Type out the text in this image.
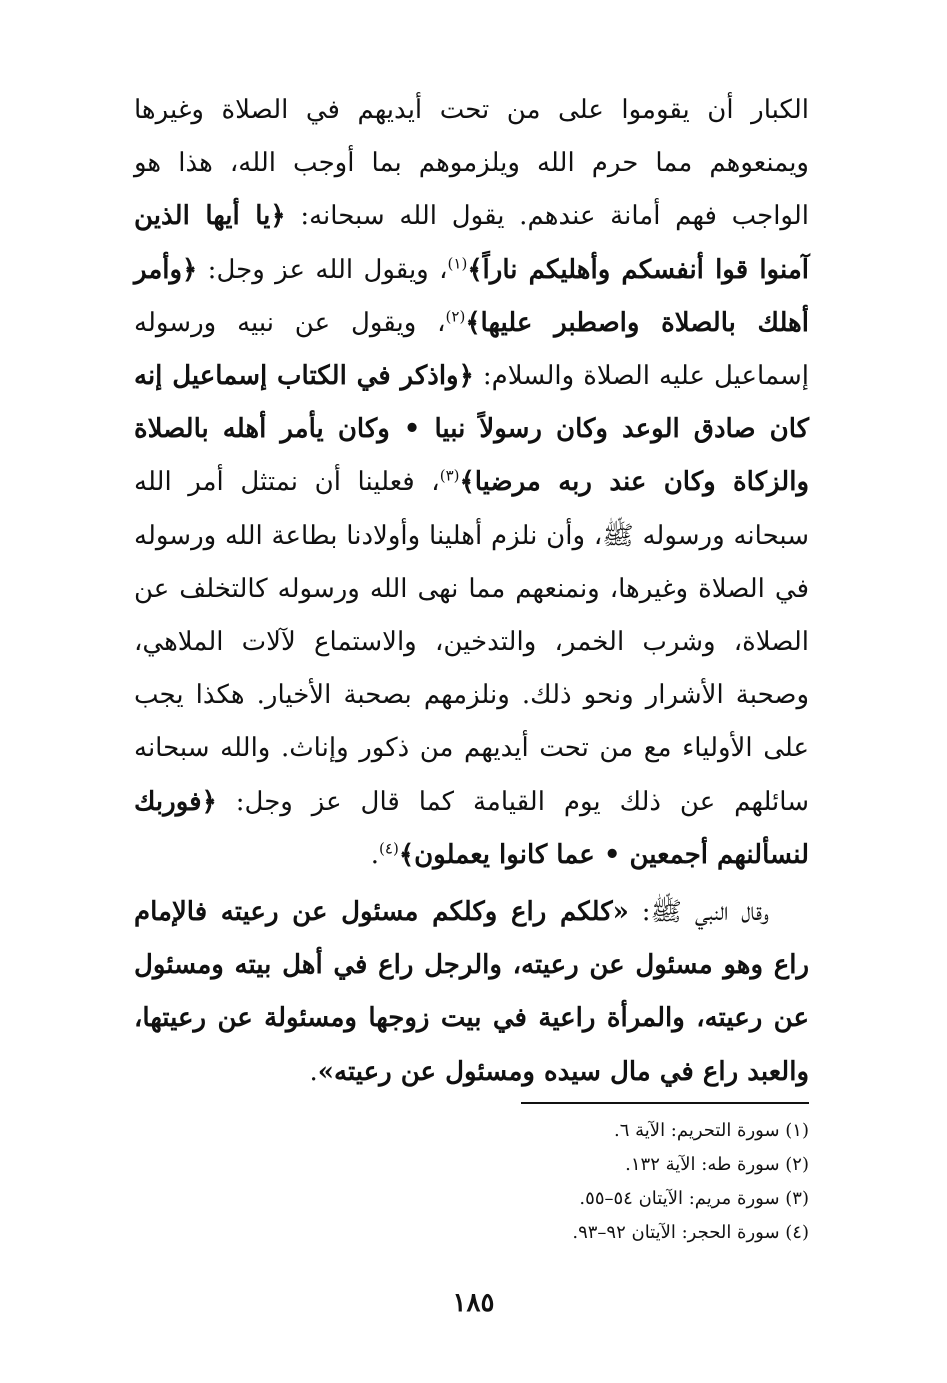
الكبار أن يقوموا على من تحت أيديهم في الصلاة وغيرها ويمنعوهم مما حرم الله ويلزموهم بما أوجب الله، هذا هو الواجب فهم أمانة عندهم. يقول الله سبحانه: ﴿يا أيها الذين آمنوا قوا أنفسكم وأهليكم ناراً﴾$^{(١)}$، ويقول الله عز وجل: ﴿وأمر أهلك بالصلاة واصطبر عليها﴾$^{(٢)}$، ويقول عن نبيه ورسوله إسماعيل عليه الصلاة والسلام: ﴿واذكر في الكتاب إسماعيل إنه كان صادق الوعد وكان رسولاً نبيا • وكان يأمر أهله بالصلاة والزكاة وكان عند ربه مرضيا﴾$^{(٣)}$، فعلينا أن نمتثل أمر الله سبحانه ورسوله ﷺ، وأن نلزم أهلينا وأولادنا بطاعة الله ورسوله في الصلاة وغيرها، ونمنعهم مما نهى الله ورسوله كالتخلف عن الصلاة، وشرب الخمر، والتدخين، والاستماع لآلات الملاهي، وصحبة الأشرار ونحو ذلك. ونلزمهم بصحبة الأخيار. هكذا يجب على الأولياء مع من تحت أيديهم من ذكور وإناث. والله سبحانه سائلهم عن ذلك يوم القيامة كما قال عز وجل: ﴿فوربك لنسألنهم أجمعين • عما كانوا يعملون﴾$^{(٤)}$.

وقال النبي ﷺ: «كلكم راع وكلكم مسئول عن رعيته فالإمام راع وهو مسئول عن رعيته، والرجل راع في أهل بيته ومسئول عن رعيته، والمرأة راعية في بيت زوجها ومسئولة عن رعيتها، والعبد راع في مال سيده ومسئول عن رعيته».

(١) سورة التحريم: الآية ٦.
(٢) سورة طه: الآية ١٣٢.
(٣) سورة مريم: الآيتان ٥٤–٥٥.
(٤) سورة الحجر: الآيتان ٩٢–٩٣.
١٨٥
